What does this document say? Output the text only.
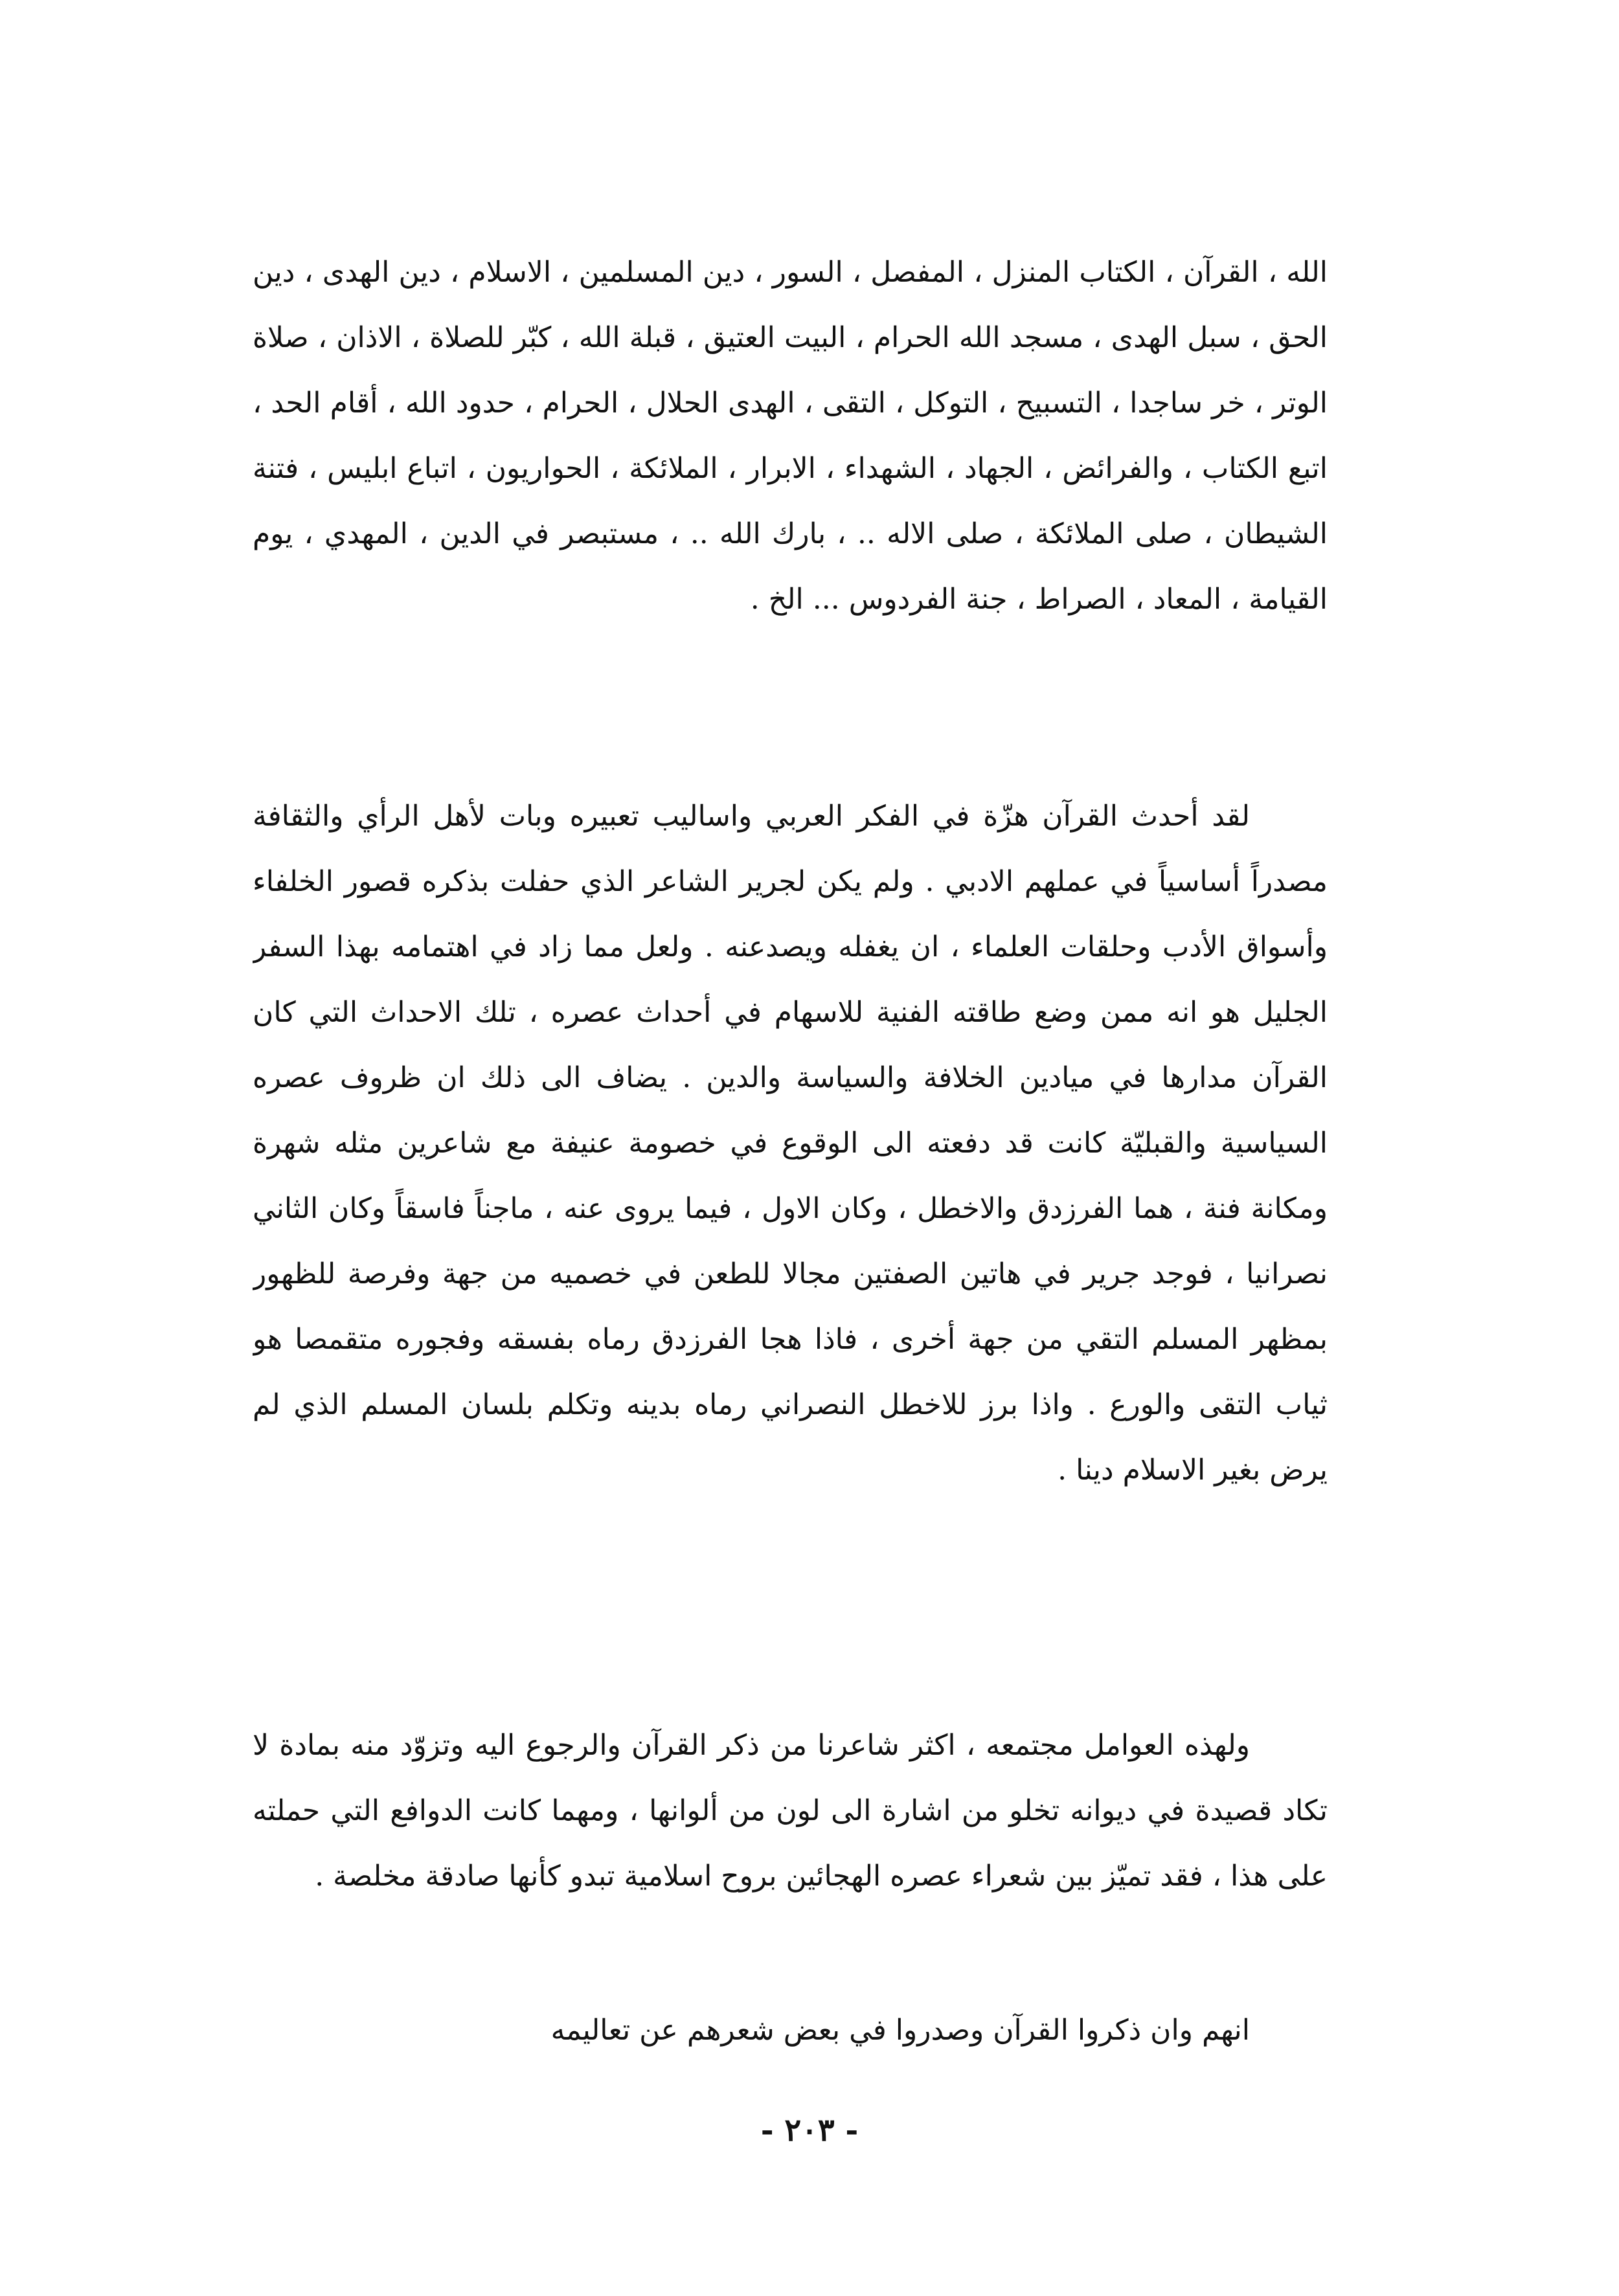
الله ، القرآن ، الكتاب المنزل ، المفصل ، السور ، دين المسلمين ، الاسلام ، دين الهدى ، دين الحق ، سبل الهدى ، مسجد الله الحرام ، البيت العتيق ، قبلة الله ، كبّر للصلاة ، الاذان ، صلاة الوتر ، خر ساجدا ، التسبيح ، التوكل ، التقى ، الهدى الحلال ، الحرام ، حدود الله ، أقام الحد ، اتبع الكتاب ، والفرائض ، الجهاد ، الشهداء ، الابرار ، الملائكة ، الحواريون ، اتباع ابليس ، فتنة الشيطان ، صلى الملائكة ، صلى الاله .. ، بارك الله .. ، مستبصر في الدين ، المهدي ، يوم القيامة ، المعاد ، الصراط ، جنة الفردوس ... الخ .

لقد أحدث القرآن هزّة في الفكر العربي واساليب تعبيره وبات لأهل الرأي والثقافة مصدراً أساسياً في عملهم الادبي . ولم يكن لجرير الشاعر الذي حفلت بذكره قصور الخلفاء وأسواق الأدب وحلقات العلماء ، ان يغفله ويصدعنه . ولعل مما زاد في اهتمامه بهذا السفر الجليل هو انه ممن وضع طاقته الفنية للاسهام في أحداث عصره ، تلك الاحداث التي كان القرآن مدارها في ميادين الخلافة والسياسة والدين . يضاف الى ذلك ان ظروف عصره السياسية والقبليّة كانت قد دفعته الى الوقوع في خصومة عنيفة مع شاعرين مثله شهرة ومكانة فنة ، هما الفرزدق والاخطل ، وكان الاول ، فيما يروى عنه ، ماجناً فاسقاً وكان الثاني نصرانيا ، فوجد جرير في هاتين الصفتين مجالا للطعن في خصميه من جهة وفرصة للظهور بمظهر المسلم التقي من جهة أخرى ، فاذا هجا الفرزدق رماه بفسقه وفجوره متقمصا هو ثياب التقى والورع . واذا برز للاخطل النصراني رماه بدينه وتكلم بلسان المسلم الذي لم يرض بغير الاسلام دينا .

ولهذه العوامل مجتمعه ، اكثر شاعرنا من ذكر القرآن والرجوع اليه وتزوّد منه بمادة لا تكاد قصيدة في ديوانه تخلو من اشارة الى لون من ألوانها ، ومهما كانت الدوافع التي حملته على هذا ، فقد تميّز بين شعراء عصره الهجائين بروح اسلامية تبدو كأنها صادقة مخلصة .

انهم وان ذكروا القرآن وصدروا في بعض شعرهم عن تعاليمه

- ٢٠٣ -
